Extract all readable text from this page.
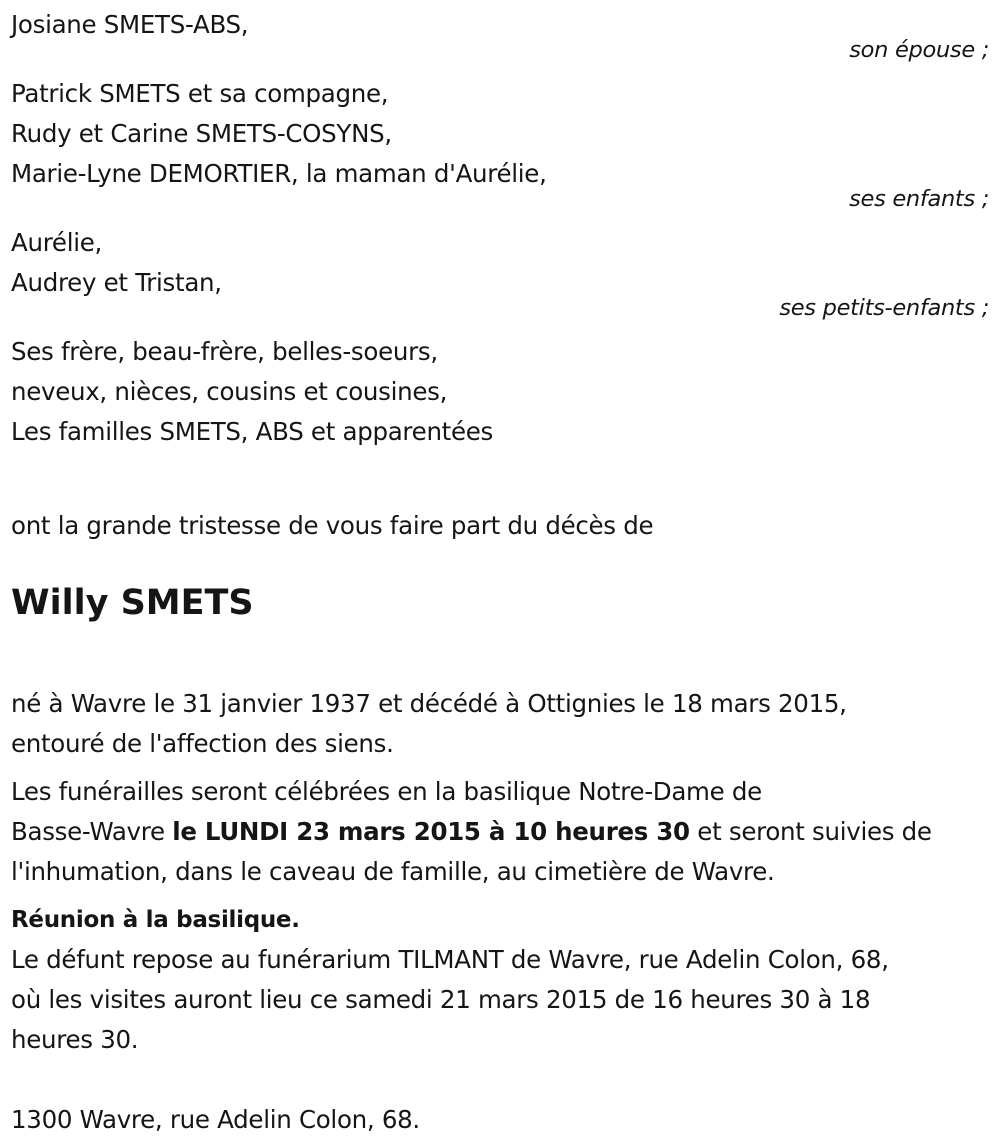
Josiane SMETS-ABS,
son épouse ;
Patrick SMETS et sa compagne,
Rudy et Carine SMETS-COSYNS,
Marie-Lyne DEMORTIER, la maman d'Aurélie,
ses enfants ;
Aurélie,
Audrey et Tristan,
ses petits-enfants ;
Ses frère, beau-frère, belles-soeurs,
neveux, nièces, cousins et cousines,
Les familles SMETS, ABS et apparentées
ont la grande tristesse de vous faire part du décès de
Willy SMETS
né à Wavre le 31 janvier 1937 et décédé à Ottignies le 18 mars 2015,
entouré de l'affection des siens.
Les funérailles seront célébrées en la basilique Notre-Dame de
Basse-Wavre le LUNDI 23 mars 2015 à 10 heures 30 et seront suivies de
l'inhumation, dans le caveau de famille, au cimetière de Wavre.
Réunion à la basilique.
Le défunt repose au funérarium TILMANT de Wavre, rue Adelin Colon, 68,
où les visites auront lieu ce samedi 21 mars 2015 de 16 heures 30 à 18
heures 30.
1300 Wavre, rue Adelin Colon, 68.
